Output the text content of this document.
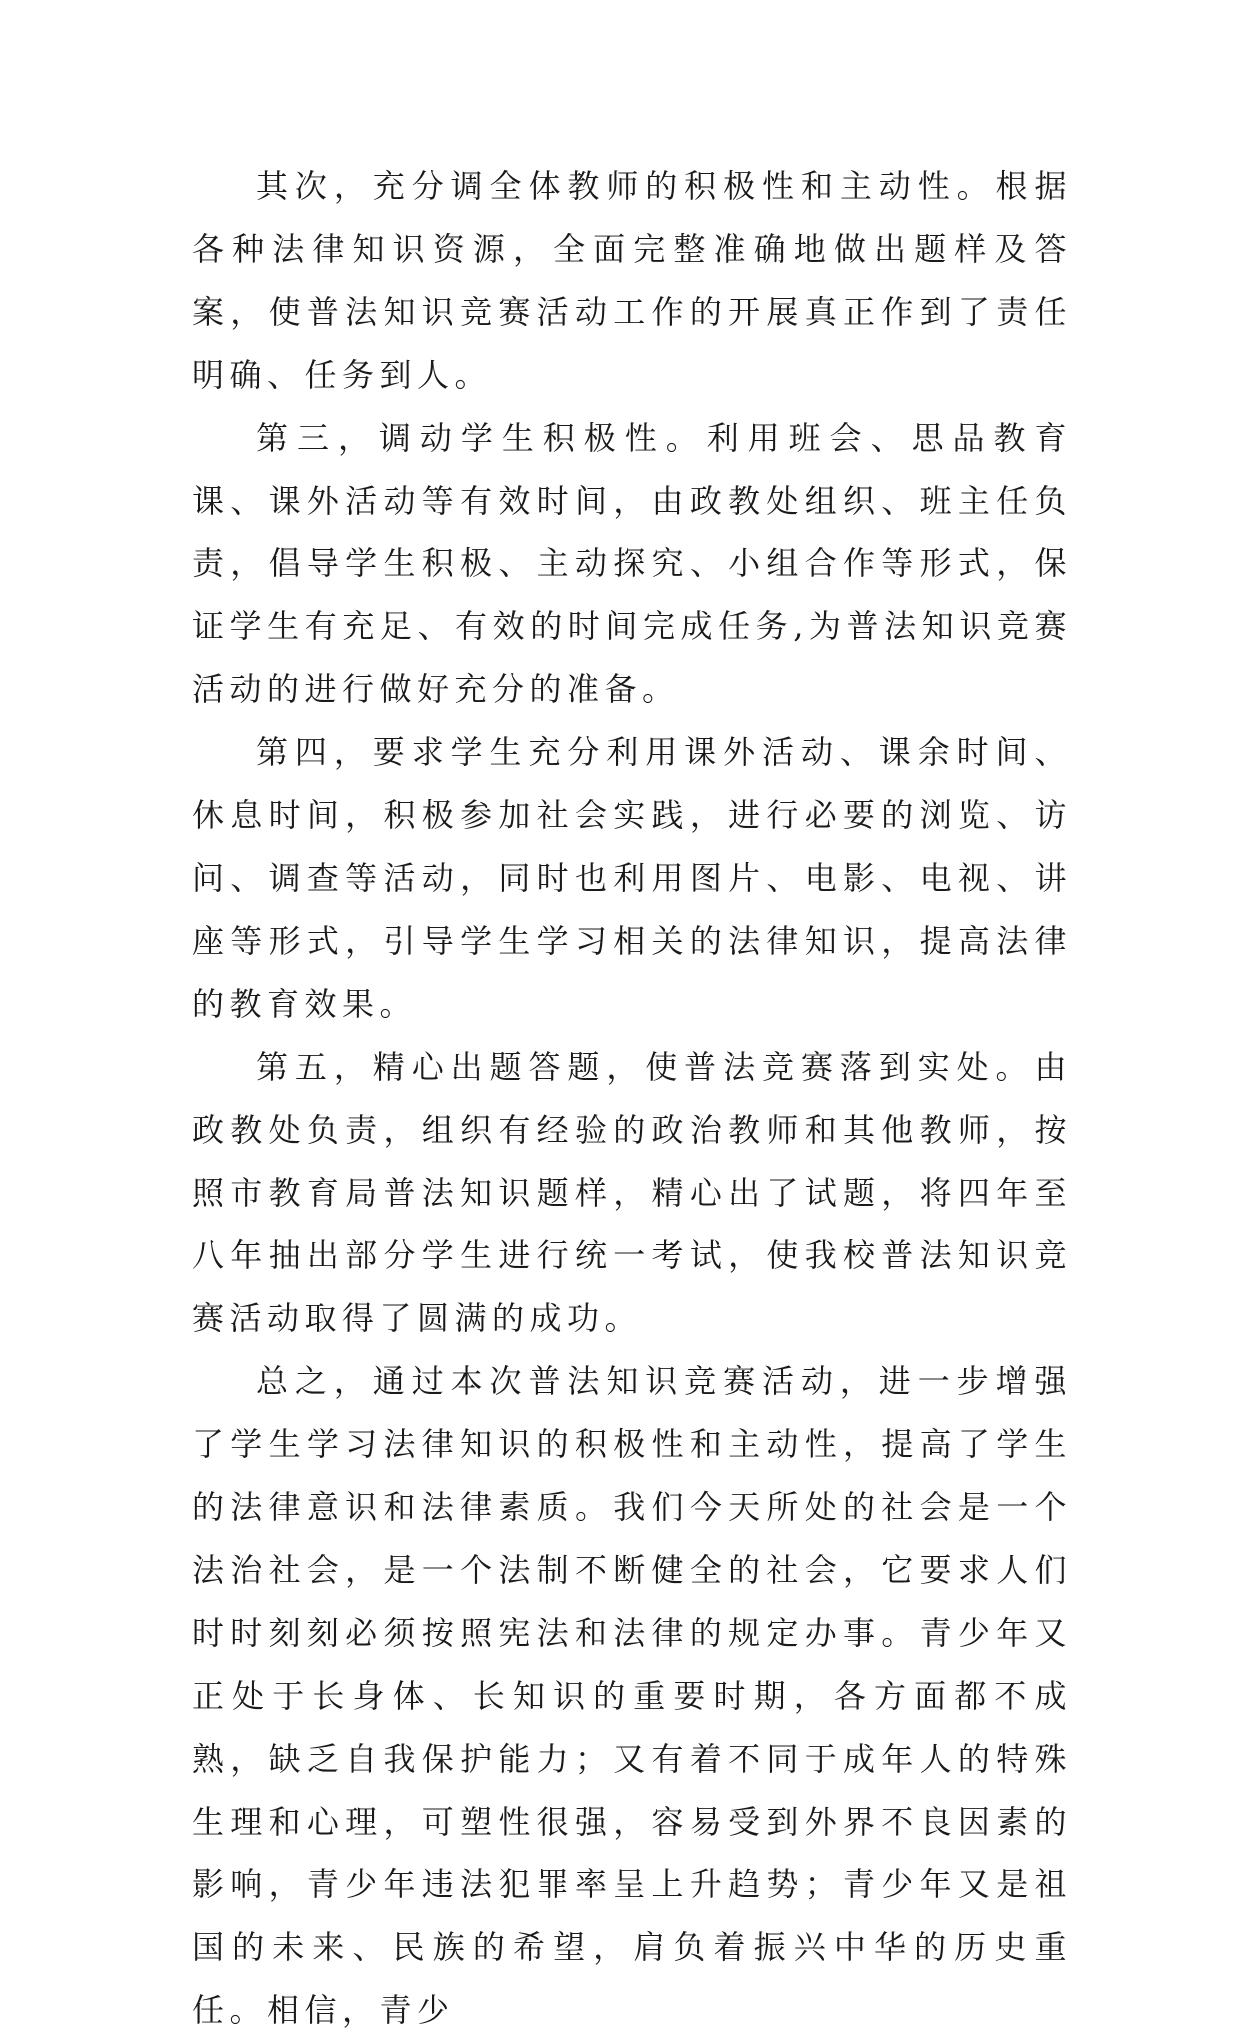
其次，充分调全体教师的积极性和主动性。根据各种法律知识资源，全面完整准确地做出题样及答案，使普法知识竞赛活动工作的开展真正作到了责任明确、任务到人。

第三，调动学生积极性。利用班会、思品教育课、课外活动等有效时间，由政教处组织、班主任负责，倡导学生积极、主动探究、小组合作等形式，保证学生有充足、有效的时间完成任务,为普法知识竞赛活动的进行做好充分的准备。

第四，要求学生充分利用课外活动、课余时间、休息时间，积极参加社会实践，进行必要的浏览、访问、调查等活动，同时也利用图片、电影、电视、讲座等形式，引导学生学习相关的法律知识，提高法律的教育效果。

第五，精心出题答题，使普法竞赛落到实处。由政教处负责，组织有经验的政治教师和其他教师，按照市教育局普法知识题样，精心出了试题，将四年至八年抽出部分学生进行统一考试，使我校普法知识竞赛活动取得了圆满的成功。

总之，通过本次普法知识竞赛活动，进一步增强了学生学习法律知识的积极性和主动性，提高了学生的法律意识和法律素质。我们今天所处的社会是一个法治社会，是一个法制不断健全的社会，它要求人们时时刻刻必须按照宪法和法律的规定办事。青少年又正处于长身体、长知识的重要时期，各方面都不成熟，缺乏自我保护能力；又有着不同于成年人的特殊生理和心理，可塑性很强，容易受到外界不良因素的影响，青少年违法犯罪率呈上升趋势；青少年又是祖国的未来、民族的希望，肩负着振兴中华的历史重任。相信，青少
